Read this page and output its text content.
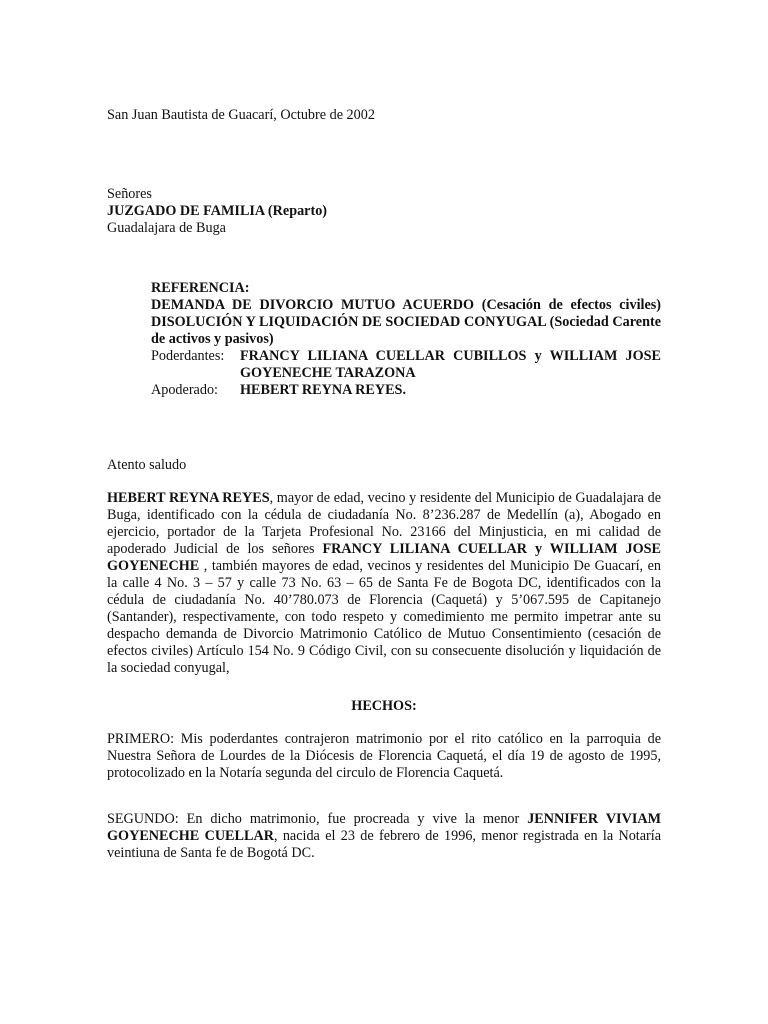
San Juan Bautista de Guacarí, Octubre de 2002
Señores
JUZGADO DE FAMILIA (Reparto)
Guadalajara de Buga
REFERENCIA:
DEMANDA DE DIVORCIO MUTUO ACUERDO (Cesación de efectos civiles) DISOLUCIÓN Y LIQUIDACIÓN DE SOCIEDAD CONYUGAL (Sociedad Carente de activos y pasivos)
Poderdantes:	FRANCY LILIANA CUELLAR CUBILLOS y WILLIAM JOSE GOYENECHE TARAZONA
Apoderado:	HEBERT REYNA REYES.
Atento saludo
HEBERT REYNA REYES, mayor de edad, vecino y residente del Municipio de Guadalajara de Buga, identificado con la cédula de ciudadanía No. 8’236.287 de Medellín (a), Abogado en ejercicio, portador de la Tarjeta Profesional No. 23166 del Minjusticia, en mi calidad de apoderado Judicial de los señores FRANCY LILIANA CUELLAR y WILLIAM JOSE GOYENECHE , también mayores de edad, vecinos y residentes del Municipio De Guacarí, en la calle 4 No. 3 – 57 y calle 73 No. 63 – 65 de Santa Fe de Bogota DC, identificados con la cédula de ciudadanía No. 40’780.073 de Florencia (Caquetá) y 5’067.595 de Capitanejo (Santander), respectivamente, con todo respeto y comedimiento me permito impetrar ante su despacho demanda de Divorcio Matrimonio Católico de Mutuo Consentimiento (cesación de efectos civiles) Artículo 154 No. 9 Código Civil, con su consecuente disolución y liquidación de la sociedad conyugal,
HECHOS:
PRIMERO: Mis poderdantes contrajeron matrimonio por el rito católico en la parroquia de Nuestra Señora de Lourdes de la Diócesis de Florencia Caquetá, el día 19 de agosto de 1995, protocolizado en la Notaría segunda del circulo de Florencia Caquetá.
SEGUNDO: En dicho matrimonio, fue procreada y vive la menor JENNIFER VIVIAM GOYENECHE CUELLAR, nacida el 23 de febrero de 1996, menor registrada en la Notaría veintiuna de Santa fe de Bogotá DC.
